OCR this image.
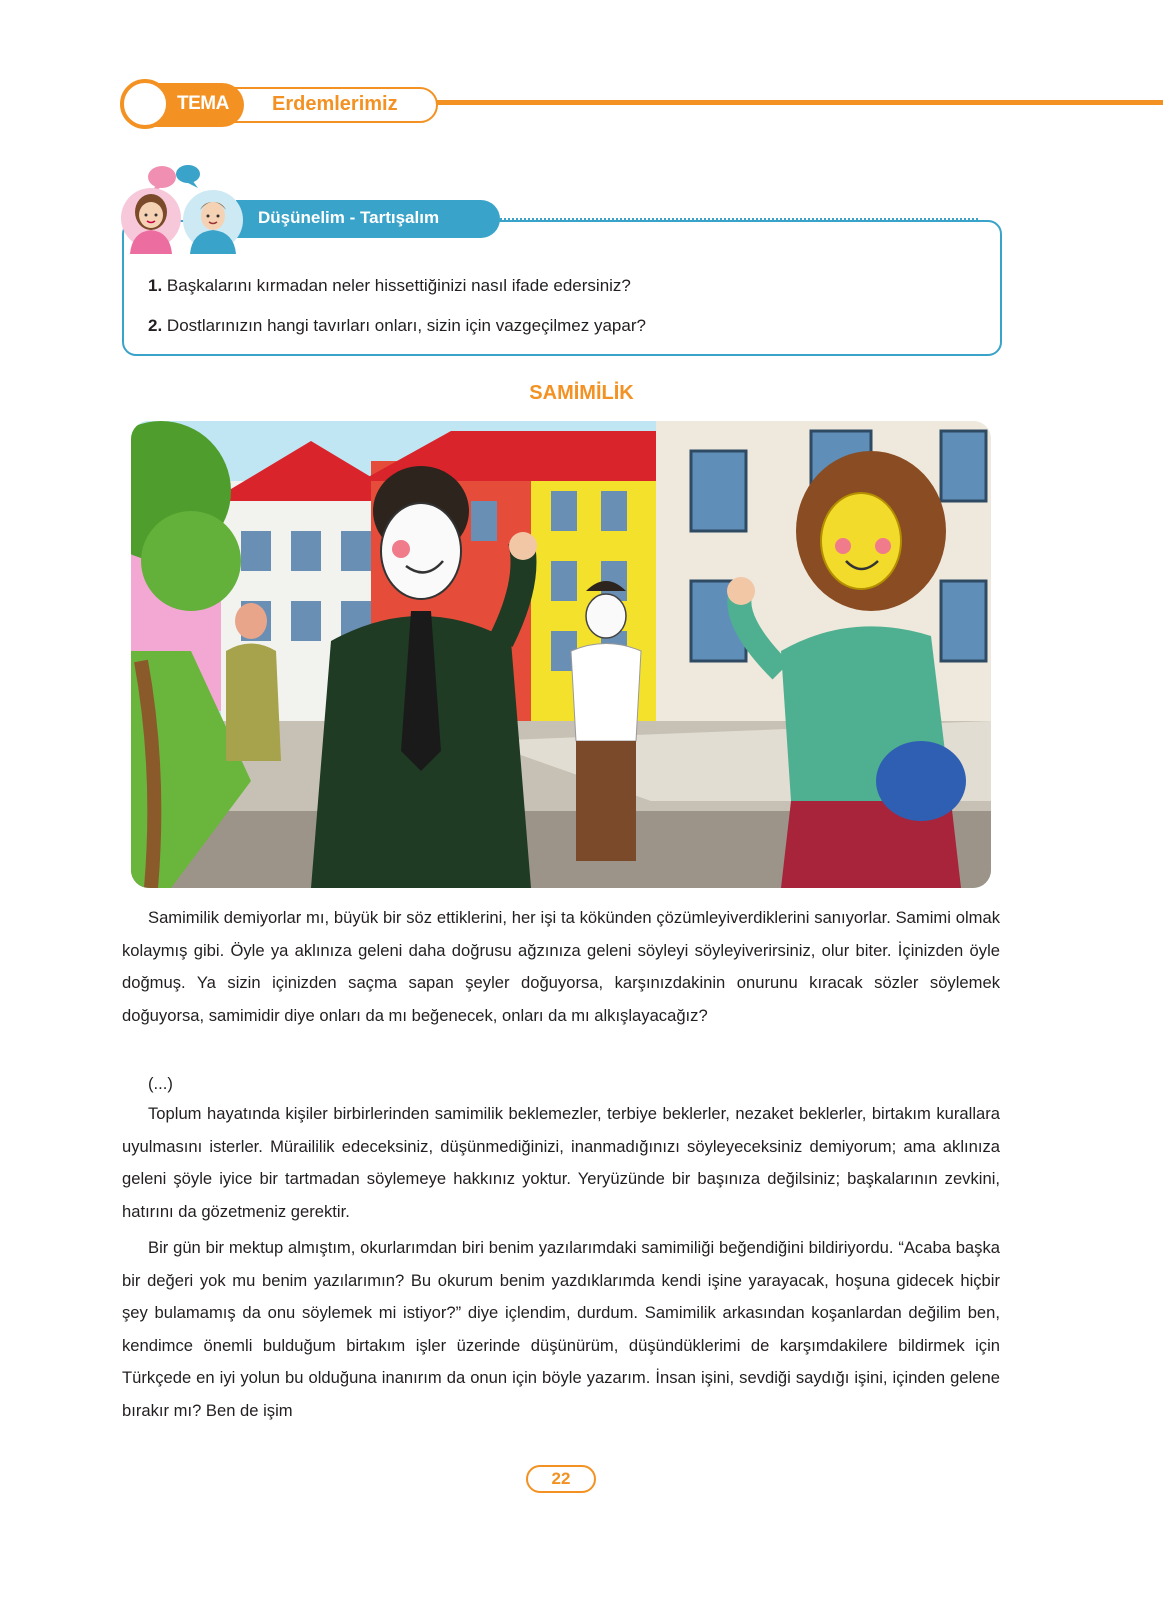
1. TEMA Erdemlerimiz
Düşünelim - Tartışalım
1. Başkalarını kırmadan neler hissettiğinizi nasıl ifade edersiniz?
2. Dostlarınızın hangi tavırları onları, sizin için vazgeçilmez yapar?
SAMİMİLİK

Samimilik demiyorlar mı, büyük bir söz ettiklerini, her işi ta kökünden çözümleyiverdiklerini sanıyorlar. Samimi olmak kolaymış gibi. Öyle ya aklınıza geleni daha doğrusu ağzınıza geleni söyleyi söyleyiverirsiniz, olur biter. İçinizden öyle doğmuş. Ya sizin içinizden saçma sapan şeyler doğuyorsa, karşınızdakinin onurunu kıracak sözler söylemek doğuyorsa, samimidir diye onları da mı beğenecek, onları da mı alkışlayacağız?

(...)

Toplum hayatında kişiler birbirlerinden samimilik beklemezler, terbiye beklerler, nezaket beklerler, birtakım kurallara uyulmasını isterler. Müraililik edeceksiniz, düşünmediğinizi, inanmadığınızı söyleyeceksiniz demiyorum; ama aklınıza geleni şöyle iyice bir tartmadan söylemeye hakkınız yoktur. Yeryüzünde bir başınıza değilsiniz; başkalarının zevkini, hatırını da gözetmeniz gerektir.

Bir gün bir mektup almıştım, okurlarımdan biri benim yazılarımdaki samimiliği beğendiğini bildiriyordu. “Acaba başka bir değeri yok mu benim yazılarımın? Bu okurum benim yazdıklarımda kendi işine yarayacak, hoşuna gidecek hiçbir şey bulamamış da onu söylemek mi istiyor?” diye içlendim, durdum. Samimilik arkasından koşanlardan değilim ben, kendimce önemli bulduğum birtakım işler üzerinde düşünürüm, düşündüklerimi de karşımdakilere bildirmek için Türkçede en iyi yolun bu olduğuna inanırım da onun için böyle yazarım. İnsan işini, sevdiği saydığı işini, içinden gelene bırakır mı? Ben de işim

22
